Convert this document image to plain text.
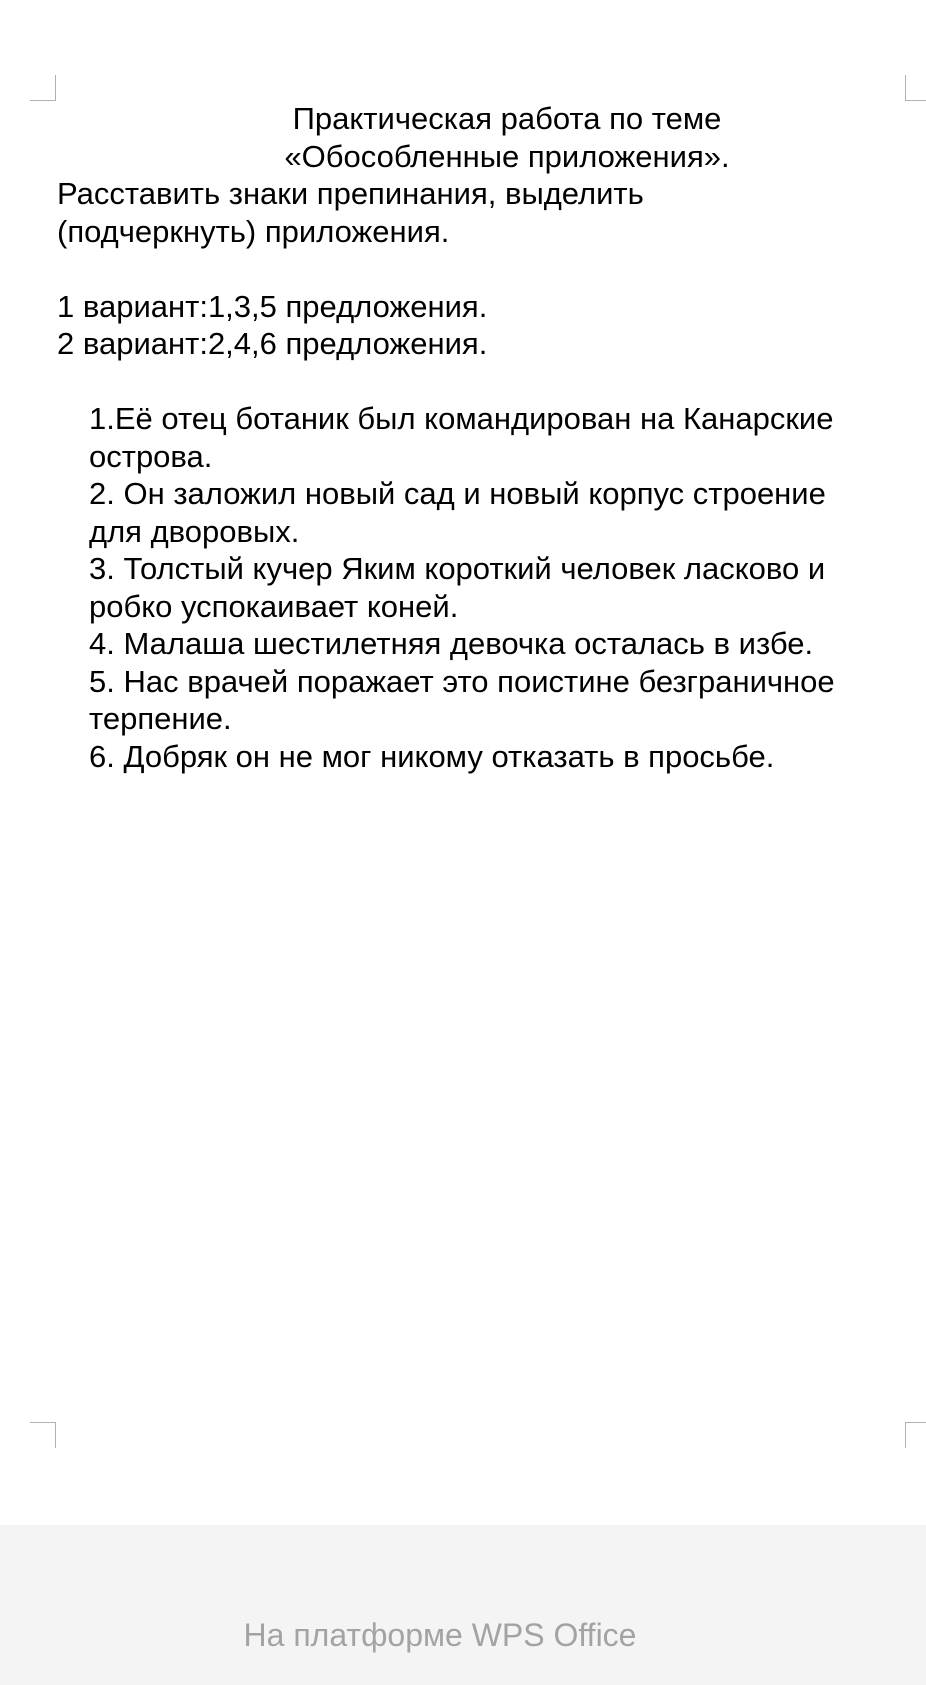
Практическая работа по теме
«Обособленные приложения».
Расставить знаки препинания, выделить
(подчеркнуть) приложения.
1 вариант:1,3,5 предложения.
2 вариант:2,4,6 предложения.
1.Её отец ботаник был командирован на Канарские
острова.
2. Он заложил новый сад и новый корпус строение
для дворовых.
3. Толстый кучер Яким короткий человек ласково и
робко успокаивает коней.
4. Малаша шестилетняя девочка осталась в избе.
5. Нас врачей поражает это поистине безграничное
терпение.
6. Добряк он не мог никому отказать в просьбе.
На платформе WPS Office
